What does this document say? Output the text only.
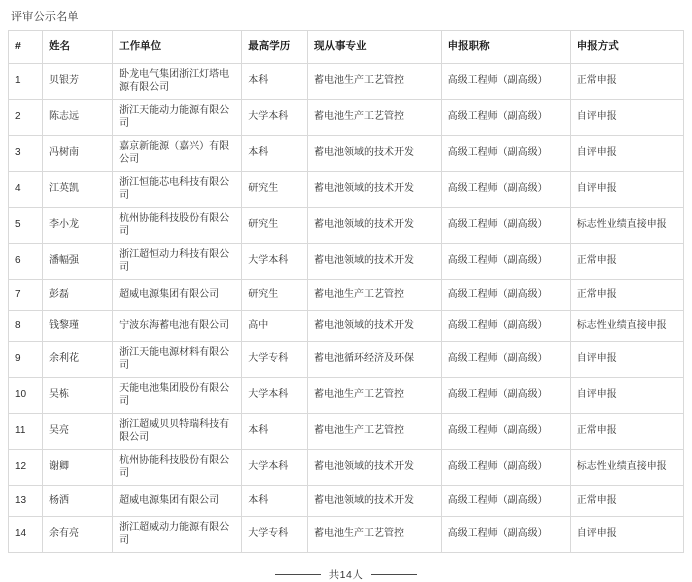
评审公示名单
#	姓名	工作单位	最高学历	现从事专业	申报职称	申报方式
1	贝银芳	卧龙电气集团浙江灯塔电源有限公司	本科	蓄电池生产工艺管控	高级工程师（副高级）	正常申报
2	陈志远	浙江天能动力能源有限公司	大学本科	蓄电池生产工艺管控	高级工程师（副高级）	自评申报
3	冯树南	嘉京新能源（嘉兴）有限公司	本科	蓄电池领域的技术开发	高级工程师（副高级）	自评申报
4	江英凯	浙江恒能芯电科技有限公司	研究生	蓄电池领域的技术开发	高级工程师（副高级）	自评申报
5	李小龙	杭州协能科技股份有限公司	研究生	蓄电池领域的技术开发	高级工程师（副高级）	标志性业绩直接申报
6	潘幅强	浙江超恒动力科技有限公司	大学本科	蓄电池领域的技术开发	高级工程师（副高级）	正常申报
7	彭磊	超威电源集团有限公司	研究生	蓄电池生产工艺管控	高级工程师（副高级）	正常申报
8	钱黎瑾	宁波东海蓄电池有限公司	高中	蓄电池领域的技术开发	高级工程师（副高级）	标志性业绩直接申报
9	余利花	浙江天能电源材料有限公司	大学专科	蓄电池循环经济及环保	高级工程师（副高级）	自评申报
10	吴栋	天能电池集团股份有限公司	大学本科	蓄电池生产工艺管控	高级工程师（副高级）	自评申报
11	吴亮	浙江超威贝贝特瑞科技有限公司	本科	蓄电池生产工艺管控	高级工程师（副高级）	正常申报
12	谢卿	杭州协能科技股份有限公司	大学本科	蓄电池领域的技术开发	高级工程师（副高级）	标志性业绩直接申报
13	杨洒	超威电源集团有限公司	本科	蓄电池领域的技术开发	高级工程师（副高级）	正常申报
14	余有亮	浙江超威动力能源有限公司	大学专科	蓄电池生产工艺管控	高级工程师（副高级）	自评申报
共14人
